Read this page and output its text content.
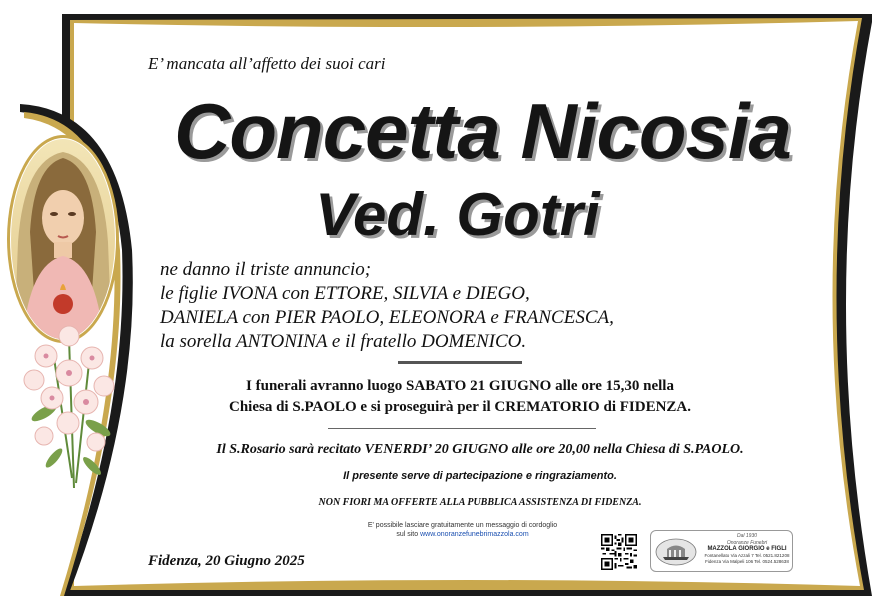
E’ mancata all’affetto dei suoi cari
Concetta Nicosia
Ved. Gotri
ne danno il triste annuncio;
le figlie IVONA con ETTORE, SILVIA e DIEGO,
DANIELA con PIER PAOLO, ELEONORA e FRANCESCA,
la sorella ANTONINA e il fratello DOMENICO.
I funerali avranno luogo SABATO 21 GIUGNO alle ore 15,30 nella
Chiesa di S.PAOLO e si proseguirà per il CREMATORIO di FIDENZA.
Il S.Rosario sarà recitato VENERDI’ 20 GIUGNO alle ore 20,00 nella Chiesa di S.PAOLO.
Il presente serve di partecipazione e ringraziamento.
NON FIORI MA OFFERTE ALLA PUBBLICA ASSISTENZA DI FIDENZA.
E' possibile lasciare gratuitamente un messaggio di cordoglio
sul sito www.onoranzefunebrimazzola.com
Fidenza, 20 Giugno 2025
Dal 1930
Onoranze Funebri
MAZZOLA GIORGIO e FIGLI
Fontanellato Via Azzali 7 Tel. 0521.821208
Fidenza Via Malpeli 106 Tel. 0524.528638
